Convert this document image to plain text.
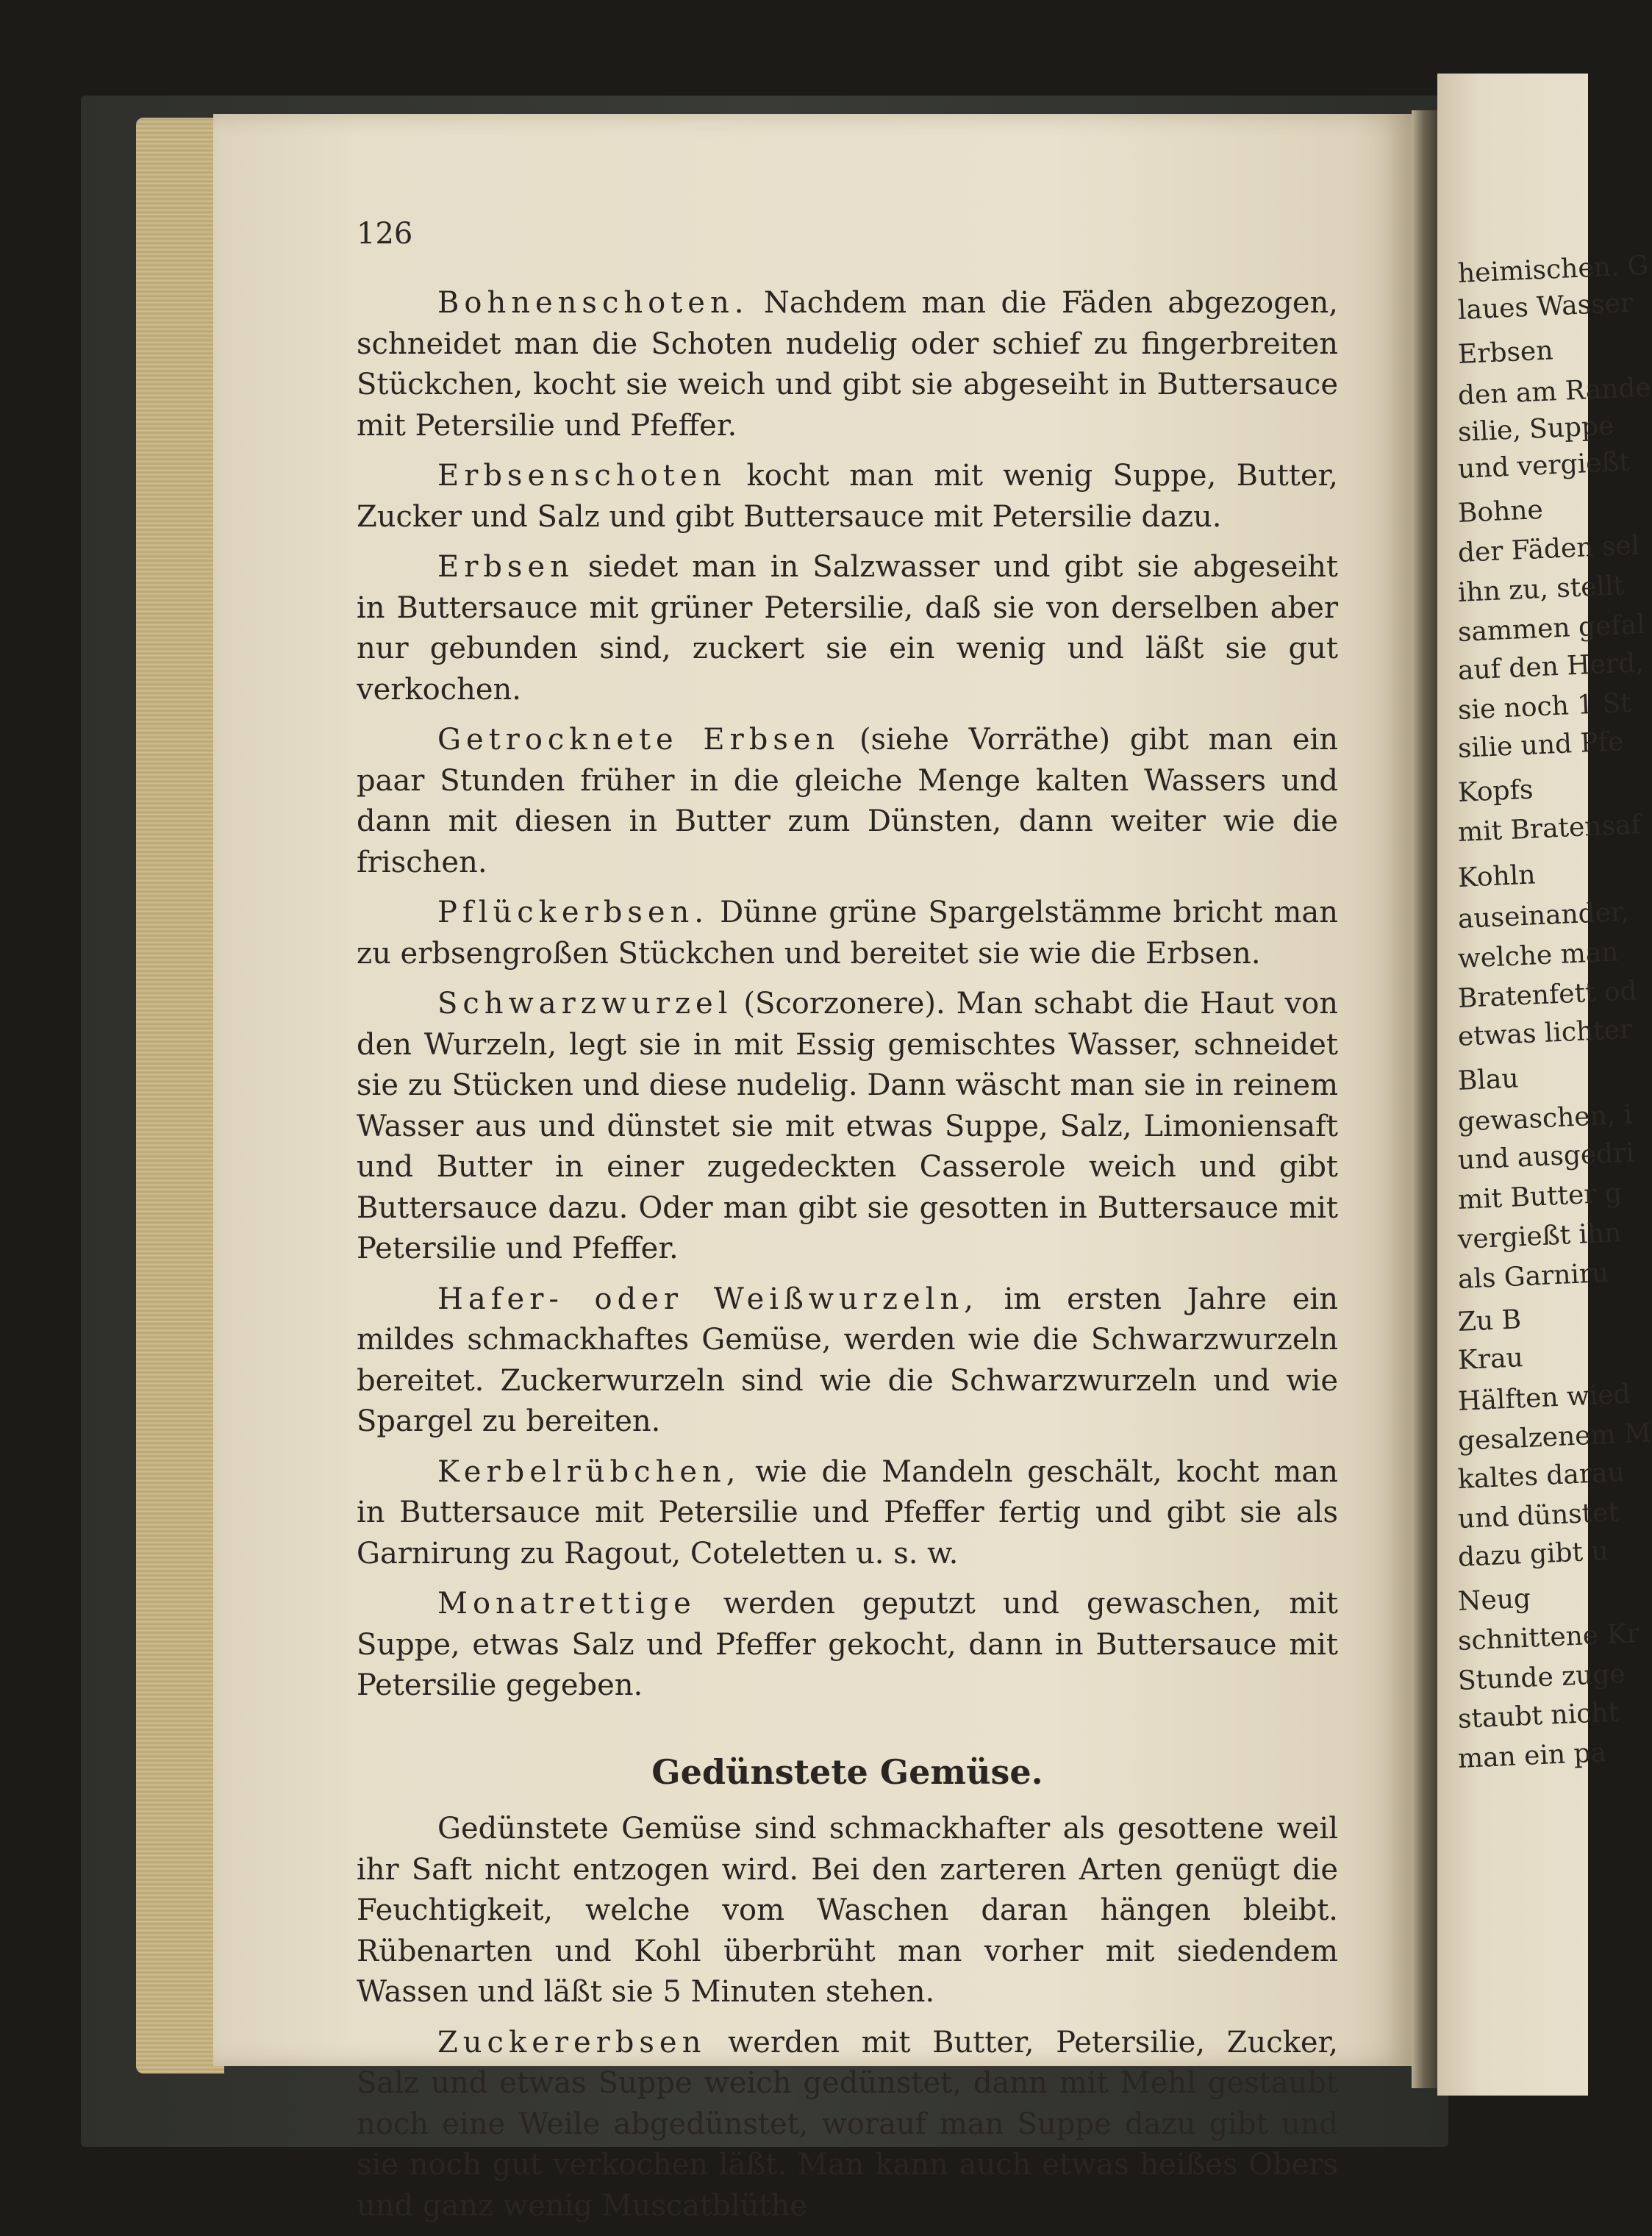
126

Bohnenschoten. Nachdem man die Fäden abgezogen, schneidet man die Schoten nudelig oder schief zu fingerbreiten Stückchen, kocht sie weich und gibt sie abgeseiht in Buttersauce mit Petersilie und Pfeffer.

Erbsenschoten kocht man mit wenig Suppe, Butter, Zucker und Salz und gibt Buttersauce mit Petersilie dazu.

Erbsen siedet man in Salzwasser und gibt sie abgeseiht in Buttersauce mit grüner Petersilie, daß sie von derselben aber nur gebunden sind, zuckert sie ein wenig und läßt sie gut verkochen.

Getrocknete Erbsen (siehe Vorräthe) gibt man ein paar Stunden früher in die gleiche Menge kalten Wassers und dann mit diesen in Butter zum Dünsten, dann weiter wie die frischen.

Pflückerbsen. Dünne grüne Spargelstämme bricht man zu erbsengroßen Stückchen und bereitet sie wie die Erbsen.

Schwarzwurzel (Scorzonere). Man schabt die Haut von den Wurzeln, legt sie in mit Essig gemischtes Wasser, schneidet sie zu Stücken und diese nudelig. Dann wäscht man sie in reinem Wasser aus und dünstet sie mit etwas Suppe, Salz, Limoniensaft und Butter in einer zugedeckten Casserole weich und gibt Buttersauce dazu. Oder man gibt sie gesotten in Buttersauce mit Petersilie und Pfeffer.

Hafer- oder Weißwurzeln, im ersten Jahre ein mildes schmackhaftes Gemüse, werden wie die Schwarzwurzeln bereitet. Zuckerwurzeln sind wie die Schwarzwurzeln und wie Spargel zu bereiten.

Kerbelrübchen, wie die Mandeln geschält, kocht man in Buttersauce mit Petersilie und Pfeffer fertig und gibt sie als Garnirung zu Ragout, Coteletten u. s. w.

Monatrettige werden geputzt und gewaschen, mit Suppe, etwas Salz und Pfeffer gekocht, dann in Buttersauce mit Petersilie gegeben.

Gedünstete Gemüse.

Gedünstete Gemüse sind schmackhafter als gesottene weil ihr Saft nicht entzogen wird. Bei den zarteren Arten genügt die Feuchtigkeit, welche vom Waschen daran hängen bleibt. Rübenarten und Kohl überbrüht man vorher mit siedendem Wassen und läßt sie 5 Minuten stehen.

Zuckererbsen werden mit Butter, Petersilie, Zucker, Salz und etwas Suppe weich gedünstet, dann mit Mehl gestaubt noch eine Weile abgedünstet, worauf man Suppe dazu gibt und sie noch gut verkochen läßt. Man kann auch etwas heißes Obers und ganz wenig Muscatblüthe

heimischen. G
laues Wasser
Erbsen
den am Rande
silie, Suppe
und vergießt
Bohne
der Fäden sel
ihn zu, stellt
sammen gefal
auf den Herd,
sie noch 1 St
silie und Pfe
Kopfs
mit Bratensaf
Kohln
auseinander,
welche man
Bratenfett od
etwas lichter
Blau
gewaschen, i
und ausgedri
mit Butter g
vergießt ihn
als Garniru
Zu B
Krau
Hälften wied
gesalzenem M
kaltes darau
und dünstet
dazu gibt u
Neug
schnittene Kr
Stunde zuge
staubt nicht
man ein pa
